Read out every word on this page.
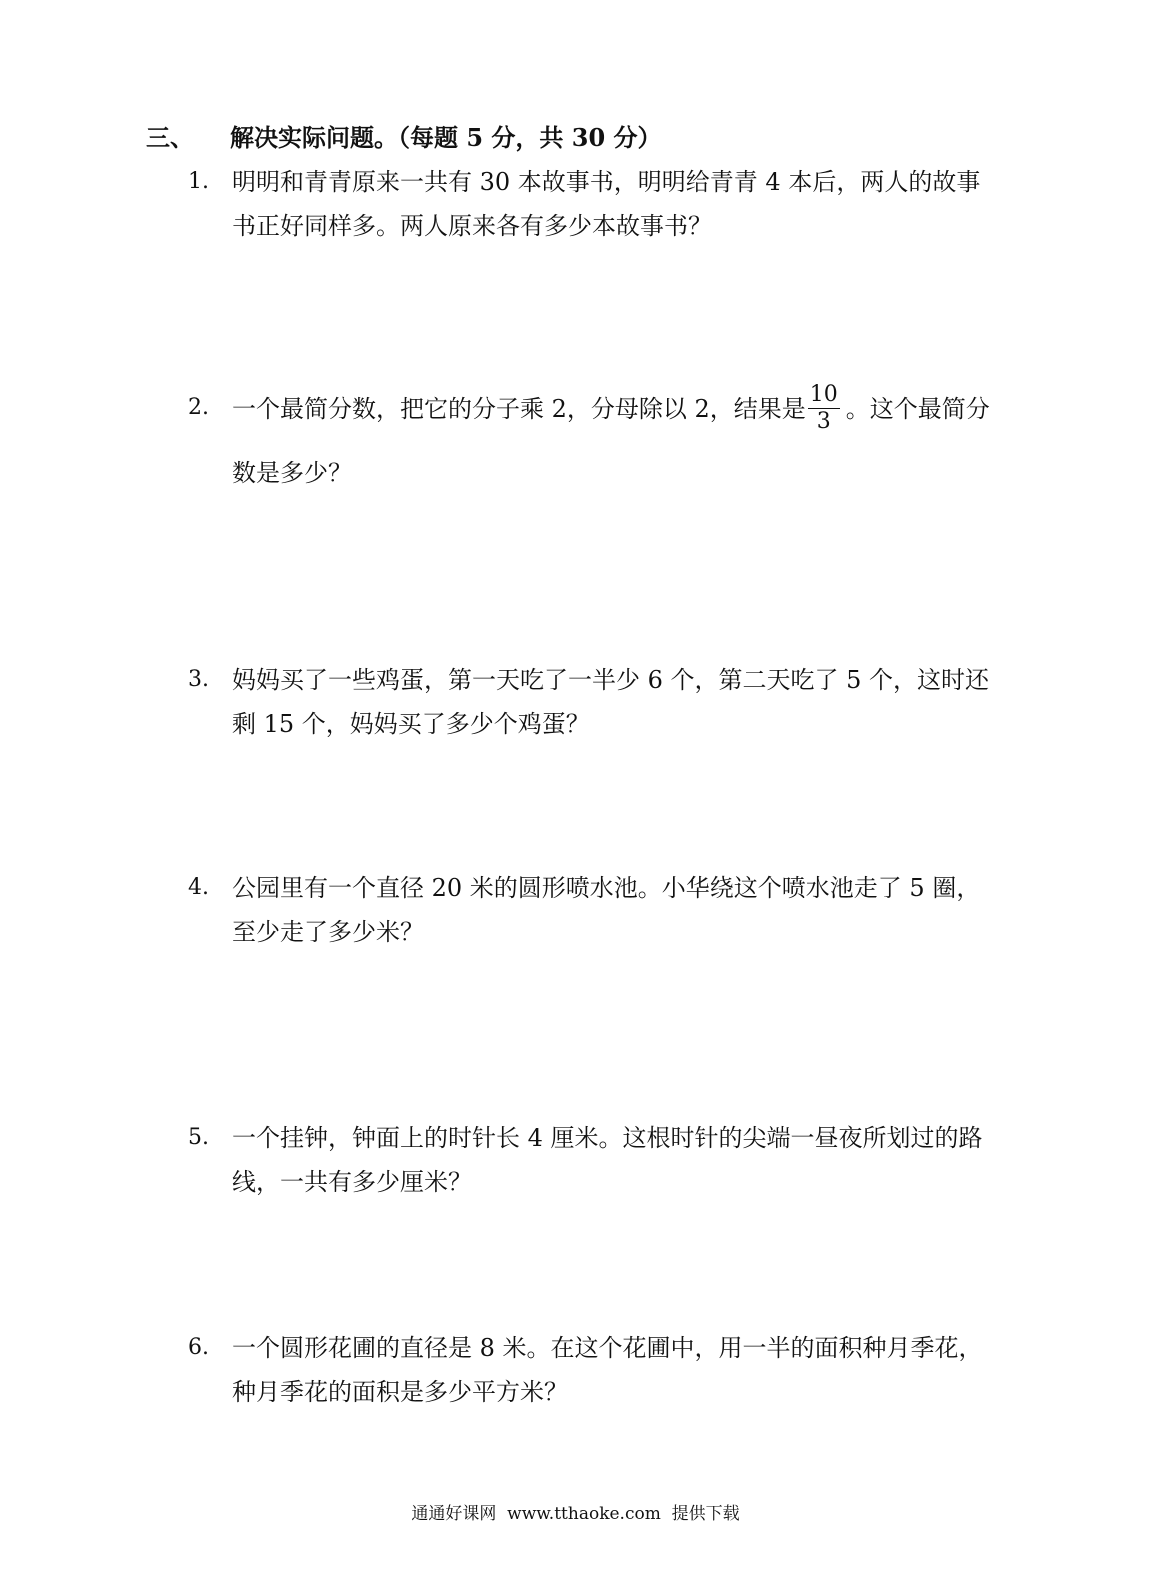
三、 解决实际问题。（每题 5 分，共 30 分）
1. 明明和青青原来一共有 30 本故事书，明明给青青 4 本后，两人的故事
书正好同样多。两人原来各有多少本故事书？
2. 一个最简分数，把它的分子乘 2，分母除以 2，结果是 $\frac{10}{3}$ 。这个最简分
数是多少？
3. 妈妈买了一些鸡蛋，第一天吃了一半少 6 个，第二天吃了 5 个，这时还
剩 15 个，妈妈买了多少个鸡蛋？
4. 公园里有一个直径 20 米的圆形喷水池。小华绕这个喷水池走了 5 圈，
至少走了多少米？
5. 一个挂钟，钟面上的时针长 4 厘米。这根时针的尖端一昼夜所划过的路
线，一共有多少厘米？
6. 一个圆形花圃的直径是 8 米。在这个花圃中，用一半的面积种月季花，
种月季花的面积是多少平方米？
通通好课网  www.tthaoke.com  提供下载
